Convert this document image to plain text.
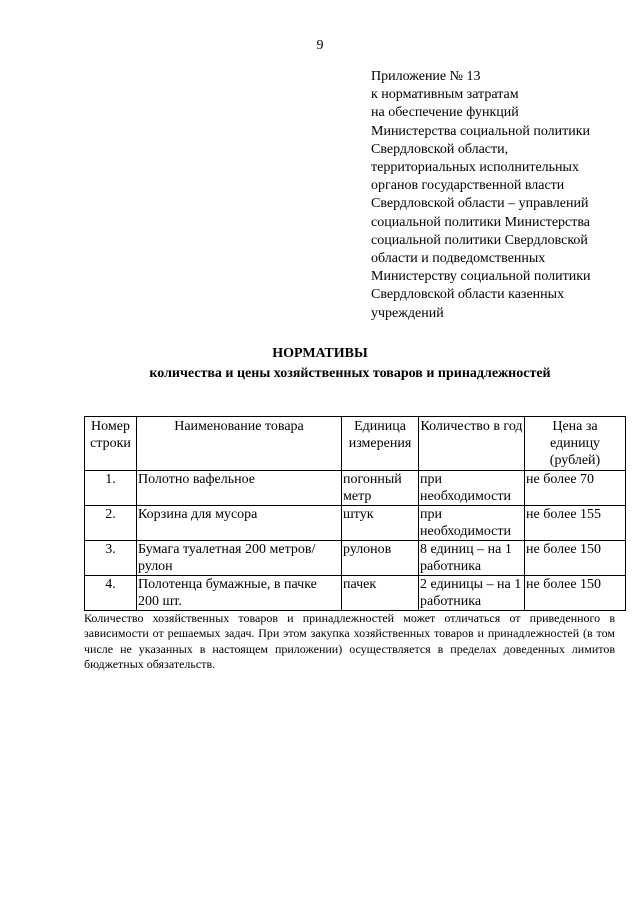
9
Приложение № 13
к нормативным затратам
на обеспечение функций
Министерства социальной политики
Свердловской области,
территориальных исполнительных
органов государственной власти
Свердловской области – управлений
социальной политики Министерства
социальной политики Свердловской
области и подведомственных
Министерству социальной политики
Свердловской области казенных
учреждений
НОРМАТИВЫ
количества и цены хозяйственных товаров и принадлежностей
Номер строки	Наименование товара	Единица измерения	Количество в год	Цена за единицу (рублей)
1.	Полотно вафельное	погонный метр	при необходимости	не более 70
2.	Корзина для мусора	штук	при необходимости	не более 155
3.	Бумага туалетная 200 метров/рулон	рулонов	8 единиц – на 1 работника	не более 150
4.	Полотенца бумажные, в пачке 200 шт.	пачек	2 единицы – на 1 работника	не более 150
Количество хозяйственных товаров и принадлежностей может отличаться от приведенного в зависимости от решаемых задач. При этом закупка хозяйственных товаров и принадлежностей (в том числе не указанных в настоящем приложении) осуществляется в пределах доведенных лимитов бюджетных обязательств.
